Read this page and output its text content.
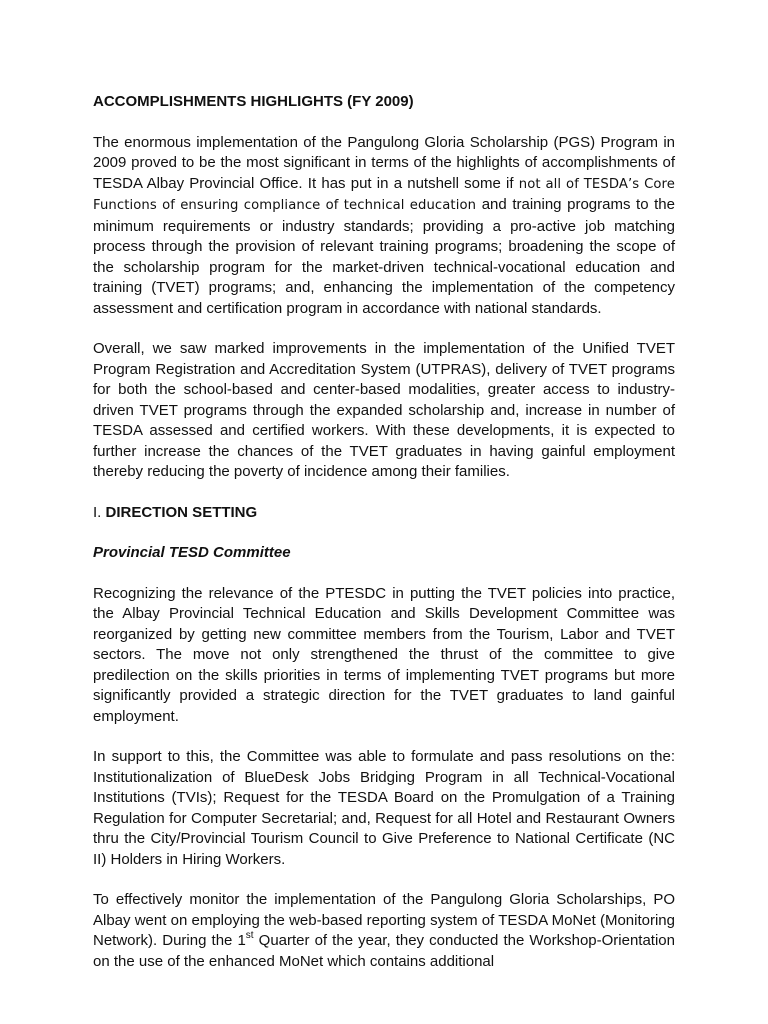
ACCOMPLISHMENTS HIGHLIGHTS (FY 2009)

The enormous implementation of the Pangulong Gloria Scholarship (PGS) Program in 2009 proved to be the most significant in terms of the highlights of accomplishments of TESDA Albay Provincial Office. It has put in a nutshell some if not all of TESDA’s Core Functions of ensuring compliance of technical education and training programs to the minimum requirements or industry standards; providing a pro-active job matching process through the provision of relevant training programs; broadening the scope of the scholarship program for the market-driven technical-vocational education and training (TVET) programs; and, enhancing the implementation of the competency assessment and certification program in accordance with national standards.

Overall, we saw marked improvements in the implementation of the Unified TVET Program Registration and Accreditation System (UTPRAS), delivery of TVET programs for both the school-based and center-based modalities, greater access to industry-driven TVET programs through the expanded scholarship and, increase in number of TESDA assessed and certified workers. With these developments, it is expected to further increase the chances of the TVET graduates in having gainful employment thereby reducing the poverty of incidence among their families.

I. DIRECTION SETTING
Provincial TESD Committee

Recognizing the relevance of the PTESDC in putting the TVET policies into practice, the Albay Provincial Technical Education and Skills Development Committee was reorganized by getting new committee members from the Tourism, Labor and TVET sectors. The move not only strengthened the thrust of the committee to give predilection on the skills priorities in terms of implementing TVET programs but more significantly provided a strategic direction for the TVET graduates to land gainful employment.

In support to this, the Committee was able to formulate and pass resolutions on the: Institutionalization of BlueDesk Jobs Bridging Program in all Technical-Vocational Institutions (TVIs); Request for the TESDA Board on the Promulgation of a Training Regulation for Computer Secretarial; and, Request for all Hotel and Restaurant Owners thru the City/Provincial Tourism Council to Give Preference to National Certificate (NC II) Holders in Hiring Workers.

To effectively monitor the implementation of the Pangulong Gloria Scholarships, PO Albay went on employing the web-based reporting system of TESDA MoNet (Monitoring Network). During the 1st Quarter of the year, they conducted the Workshop-Orientation on the use of the enhanced MoNet which contains additional
